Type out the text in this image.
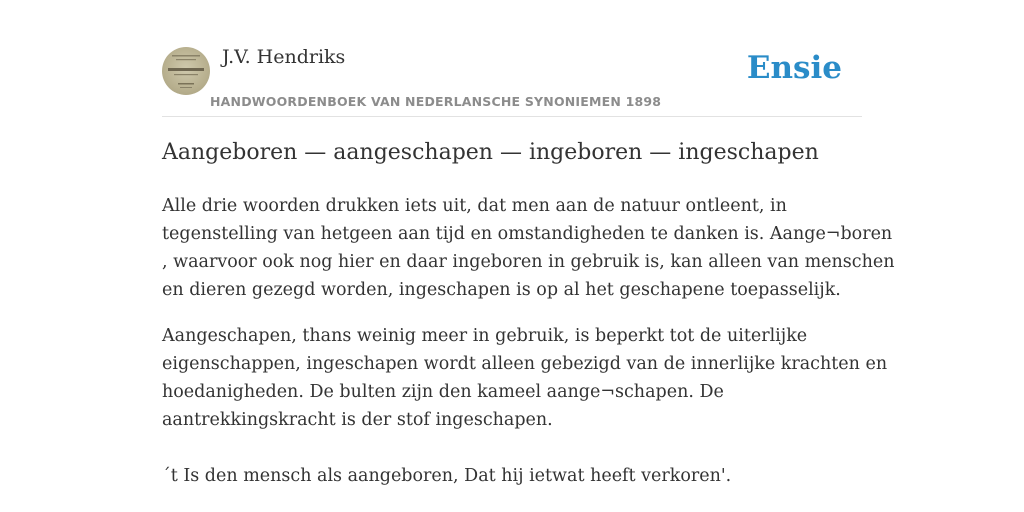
J.V. Hendriks
HANDWOORDENBOEK VAN NEDERLANSCHE SYNONIEMEN 1898
Ensie
Aangeboren — aangeschapen — ingeboren — ingeschapen

Alle drie woorden drukken iets uit, dat men aan de natuur ontleent, in
tegenstelling van hetgeen aan tijd en omstandigheden te danken is. Aange¬boren
, waarvoor ook nog hier en daar ingeboren in gebruik is, kan alleen van menschen
en dieren gezegd worden, ingeschapen is op al het geschapene toepasselijk.

Aangeschapen, thans weinig meer in gebruik, is beperkt tot de uiterlijke
eigenschappen, ingeschapen wordt alleen gebezigd van de innerlijke krachten en
hoedanigheden. De bulten zijn den kameel aange¬schapen. De
aantrekkingskracht is der stof ingeschapen.

´t Is den mensch als aangeboren, Dat hij ietwat heeft verkoren'.
